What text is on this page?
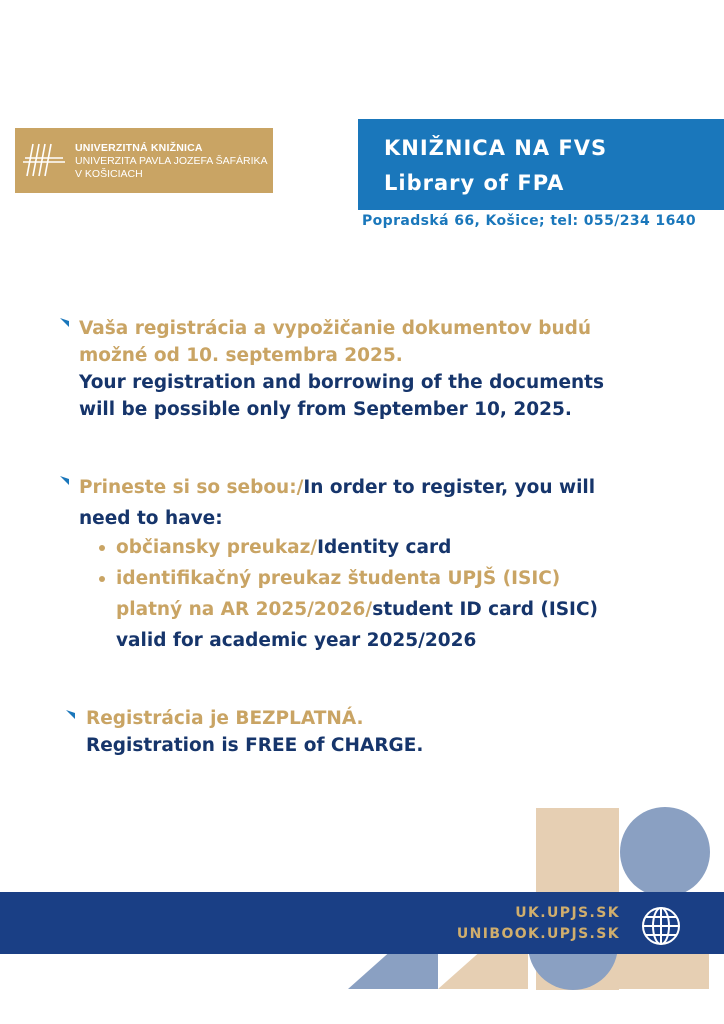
UNIVERZITNÁ KNIŽNICA
UNIVERZITA PAVLA JOZEFA ŠAFÁRIKA
V KOŠICIACH
KNIŽNICA NA FVS
Library of FPA
Popradská 66, Košice; tel: 055/234 1640
Vaša registrácia a vypožičanie dokumentov budú
možné od 10. septembra 2025.
Your registration and borrowing of the documents
will be possible only from September 10, 2025.
Prineste si so sebou:/In order to register, you will
need to have:
občiansky preukaz/Identity card
identifikačný preukaz študenta UPJŠ (ISIC)
platný na AR 2025/2026/student ID card (ISIC)
valid for academic year 2025/2026
Registrácia je BEZPLATNÁ.
Registration is FREE of CHARGE.
UK.UPJS.SK
UNIBOOK.UPJS.SK
